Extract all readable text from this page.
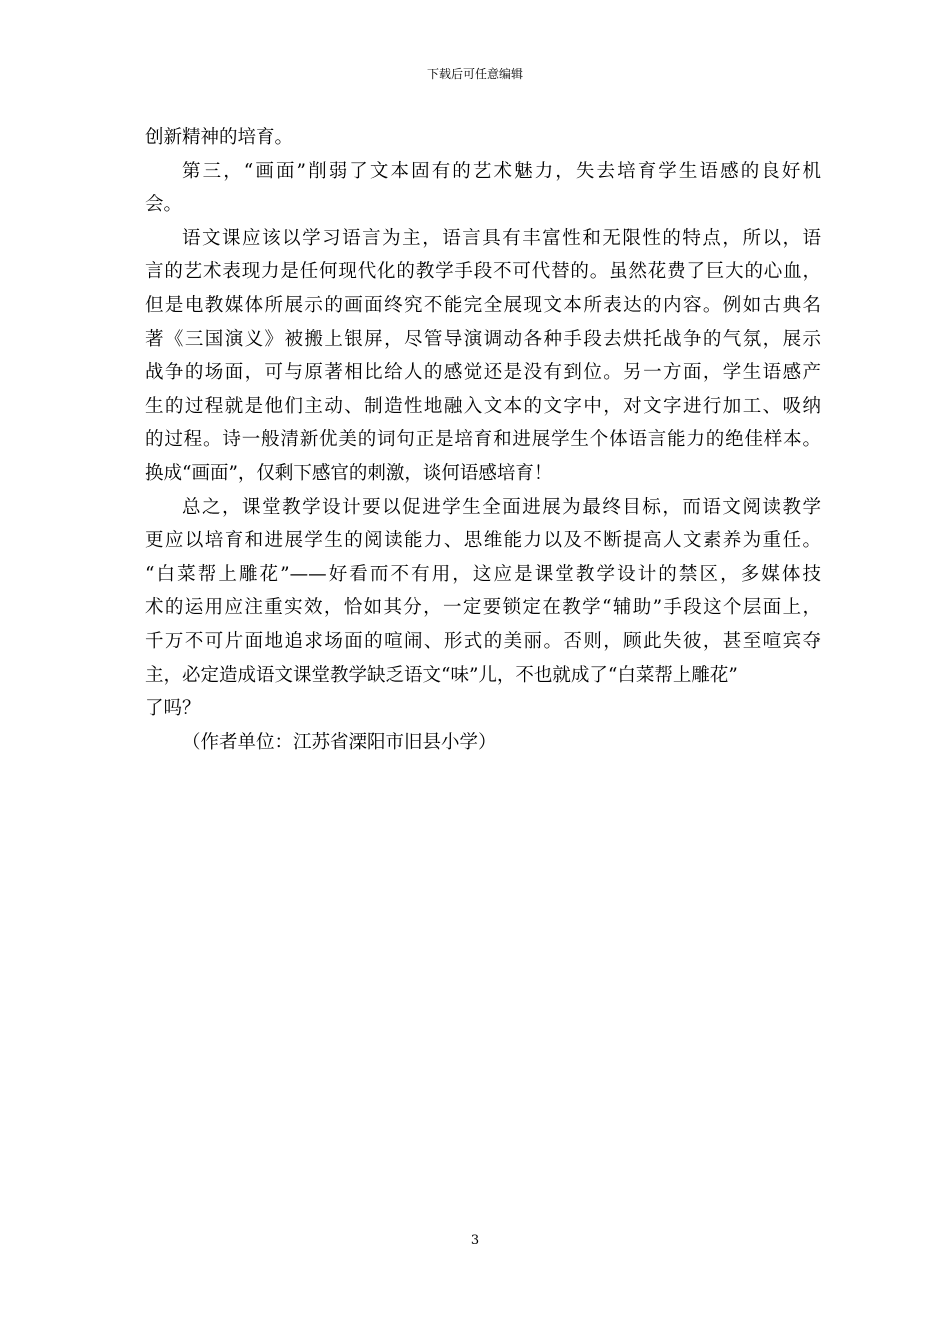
下载后可任意编辑
创新精神的培育。
第三，“画面”削弱了文本固有的艺术魅力，失去培育学生语感的良好机
会。
语文课应该以学习语言为主，语言具有丰富性和无限性的特点，所以，语
言的艺术表现力是任何现代化的教学手段不可代替的。虽然花费了巨大的心血，
但是电教媒体所展示的画面终究不能完全展现文本所表达的内容。例如古典名
著《三国演义》被搬上银屏，尽管导演调动各种手段去烘托战争的气氛，展示
战争的场面，可与原著相比给人的感觉还是没有到位。另一方面，学生语感产
生的过程就是他们主动、制造性地融入文本的文字中，对文字进行加工、吸纳
的过程。诗一般清新优美的词句正是培育和进展学生个体语言能力的绝佳样本。
换成“画面”，仅剩下感官的刺激，谈何语感培育！
总之，课堂教学设计要以促进学生全面进展为最终目标，而语文阅读教学
更应以培育和进展学生的阅读能力、思维能力以及不断提高人文素养为重任。
“白菜帮上雕花”——好看而不有用，这应是课堂教学设计的禁区，多媒体技
术的运用应注重实效，恰如其分，一定要锁定在教学“辅助”手段这个层面上，
千万不可片面地追求场面的喧闹、形式的美丽。否则，顾此失彼，甚至喧宾夺
主，必定造成语文课堂教学缺乏语文“味”儿，不也就成了“白菜帮上雕花”
了吗？
（作者单位：江苏省溧阳市旧县小学）
3
